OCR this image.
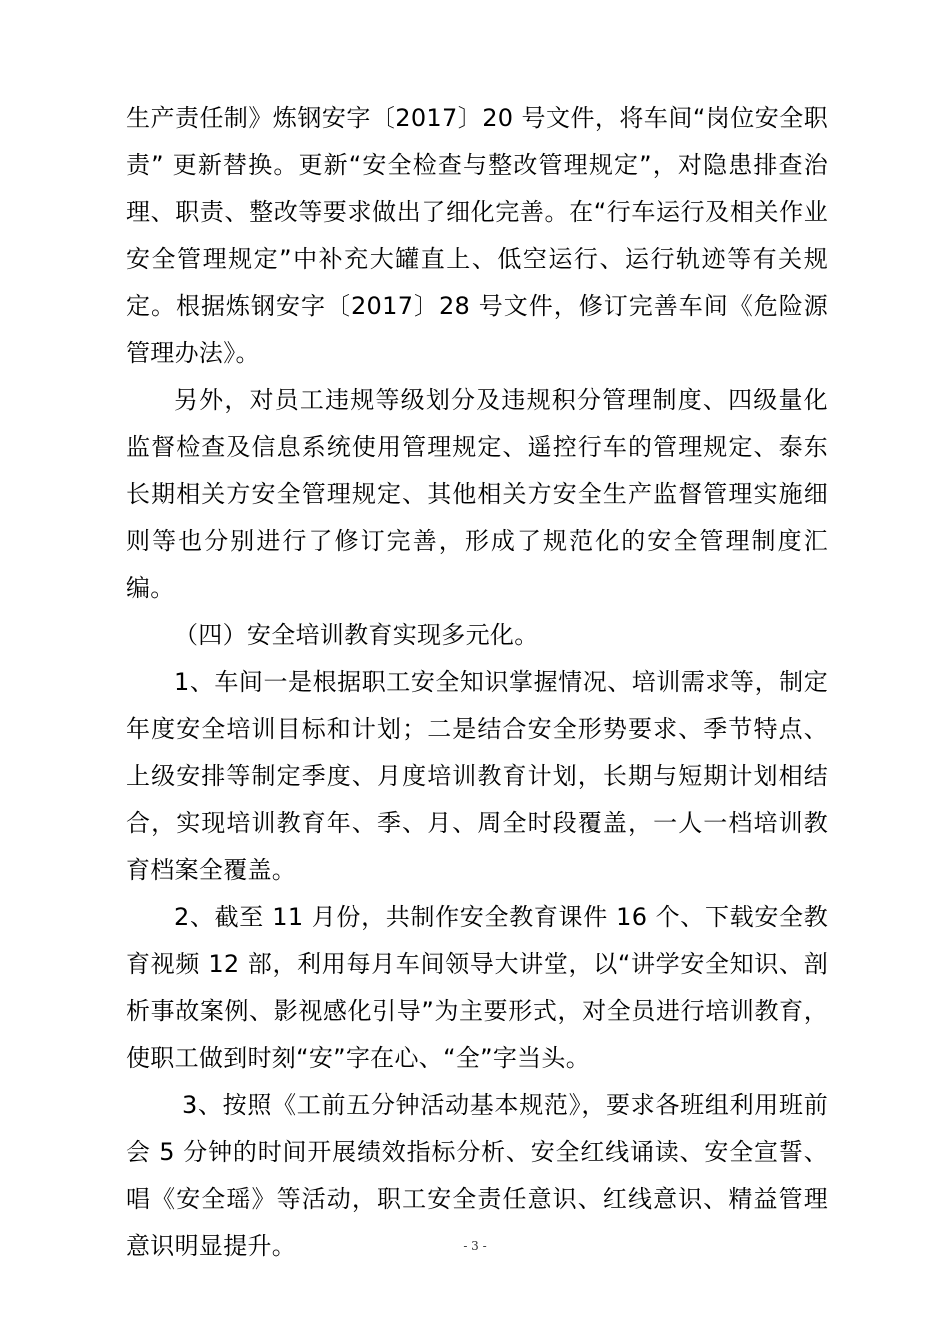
生产责任制》炼钢安字〔2017〕20 号文件，将车间“岗位安全职责” 更新替换。更新“安全检查与整改管理规定”，对隐患排查治理、职责、整改等要求做出了细化完善。在“行车运行及相关作业安全管理规定”中补充大罐直上、低空运行、运行轨迹等有关规定。根据炼钢安字〔2017〕28 号文件，修订完善车间《危险源管理办法》。

另外，对员工违规等级划分及违规积分管理制度、四级量化监督检查及信息系统使用管理规定、遥控行车的管理规定、泰东长期相关方安全管理规定、其他相关方安全生产监督管理实施细则等也分别进行了修订完善，形成了规范化的安全管理制度汇编。

（四）安全培训教育实现多元化。

1、车间一是根据职工安全知识掌握情况、培训需求等，制定年度安全培训目标和计划；二是结合安全形势要求、季节特点、上级安排等制定季度、月度培训教育计划，长期与短期计划相结合，实现培训教育年、季、月、周全时段覆盖，一人一档培训教育档案全覆盖。

2、截至 11 月份，共制作安全教育课件 16 个、下载安全教育视频 12 部，利用每月车间领导大讲堂，以“讲学安全知识、剖析事故案例、影视感化引导”为主要形式，对全员进行培训教育，使职工做到时刻“安”字在心、“全”字当头。

3、按照《工前五分钟活动基本规范》，要求各班组利用班前会 5 分钟的时间开展绩效指标分析、安全红线诵读、安全宣誓、唱《安全瑶》等活动，职工安全责任意识、红线意识、精益管理意识明显提升。	- 3 -
